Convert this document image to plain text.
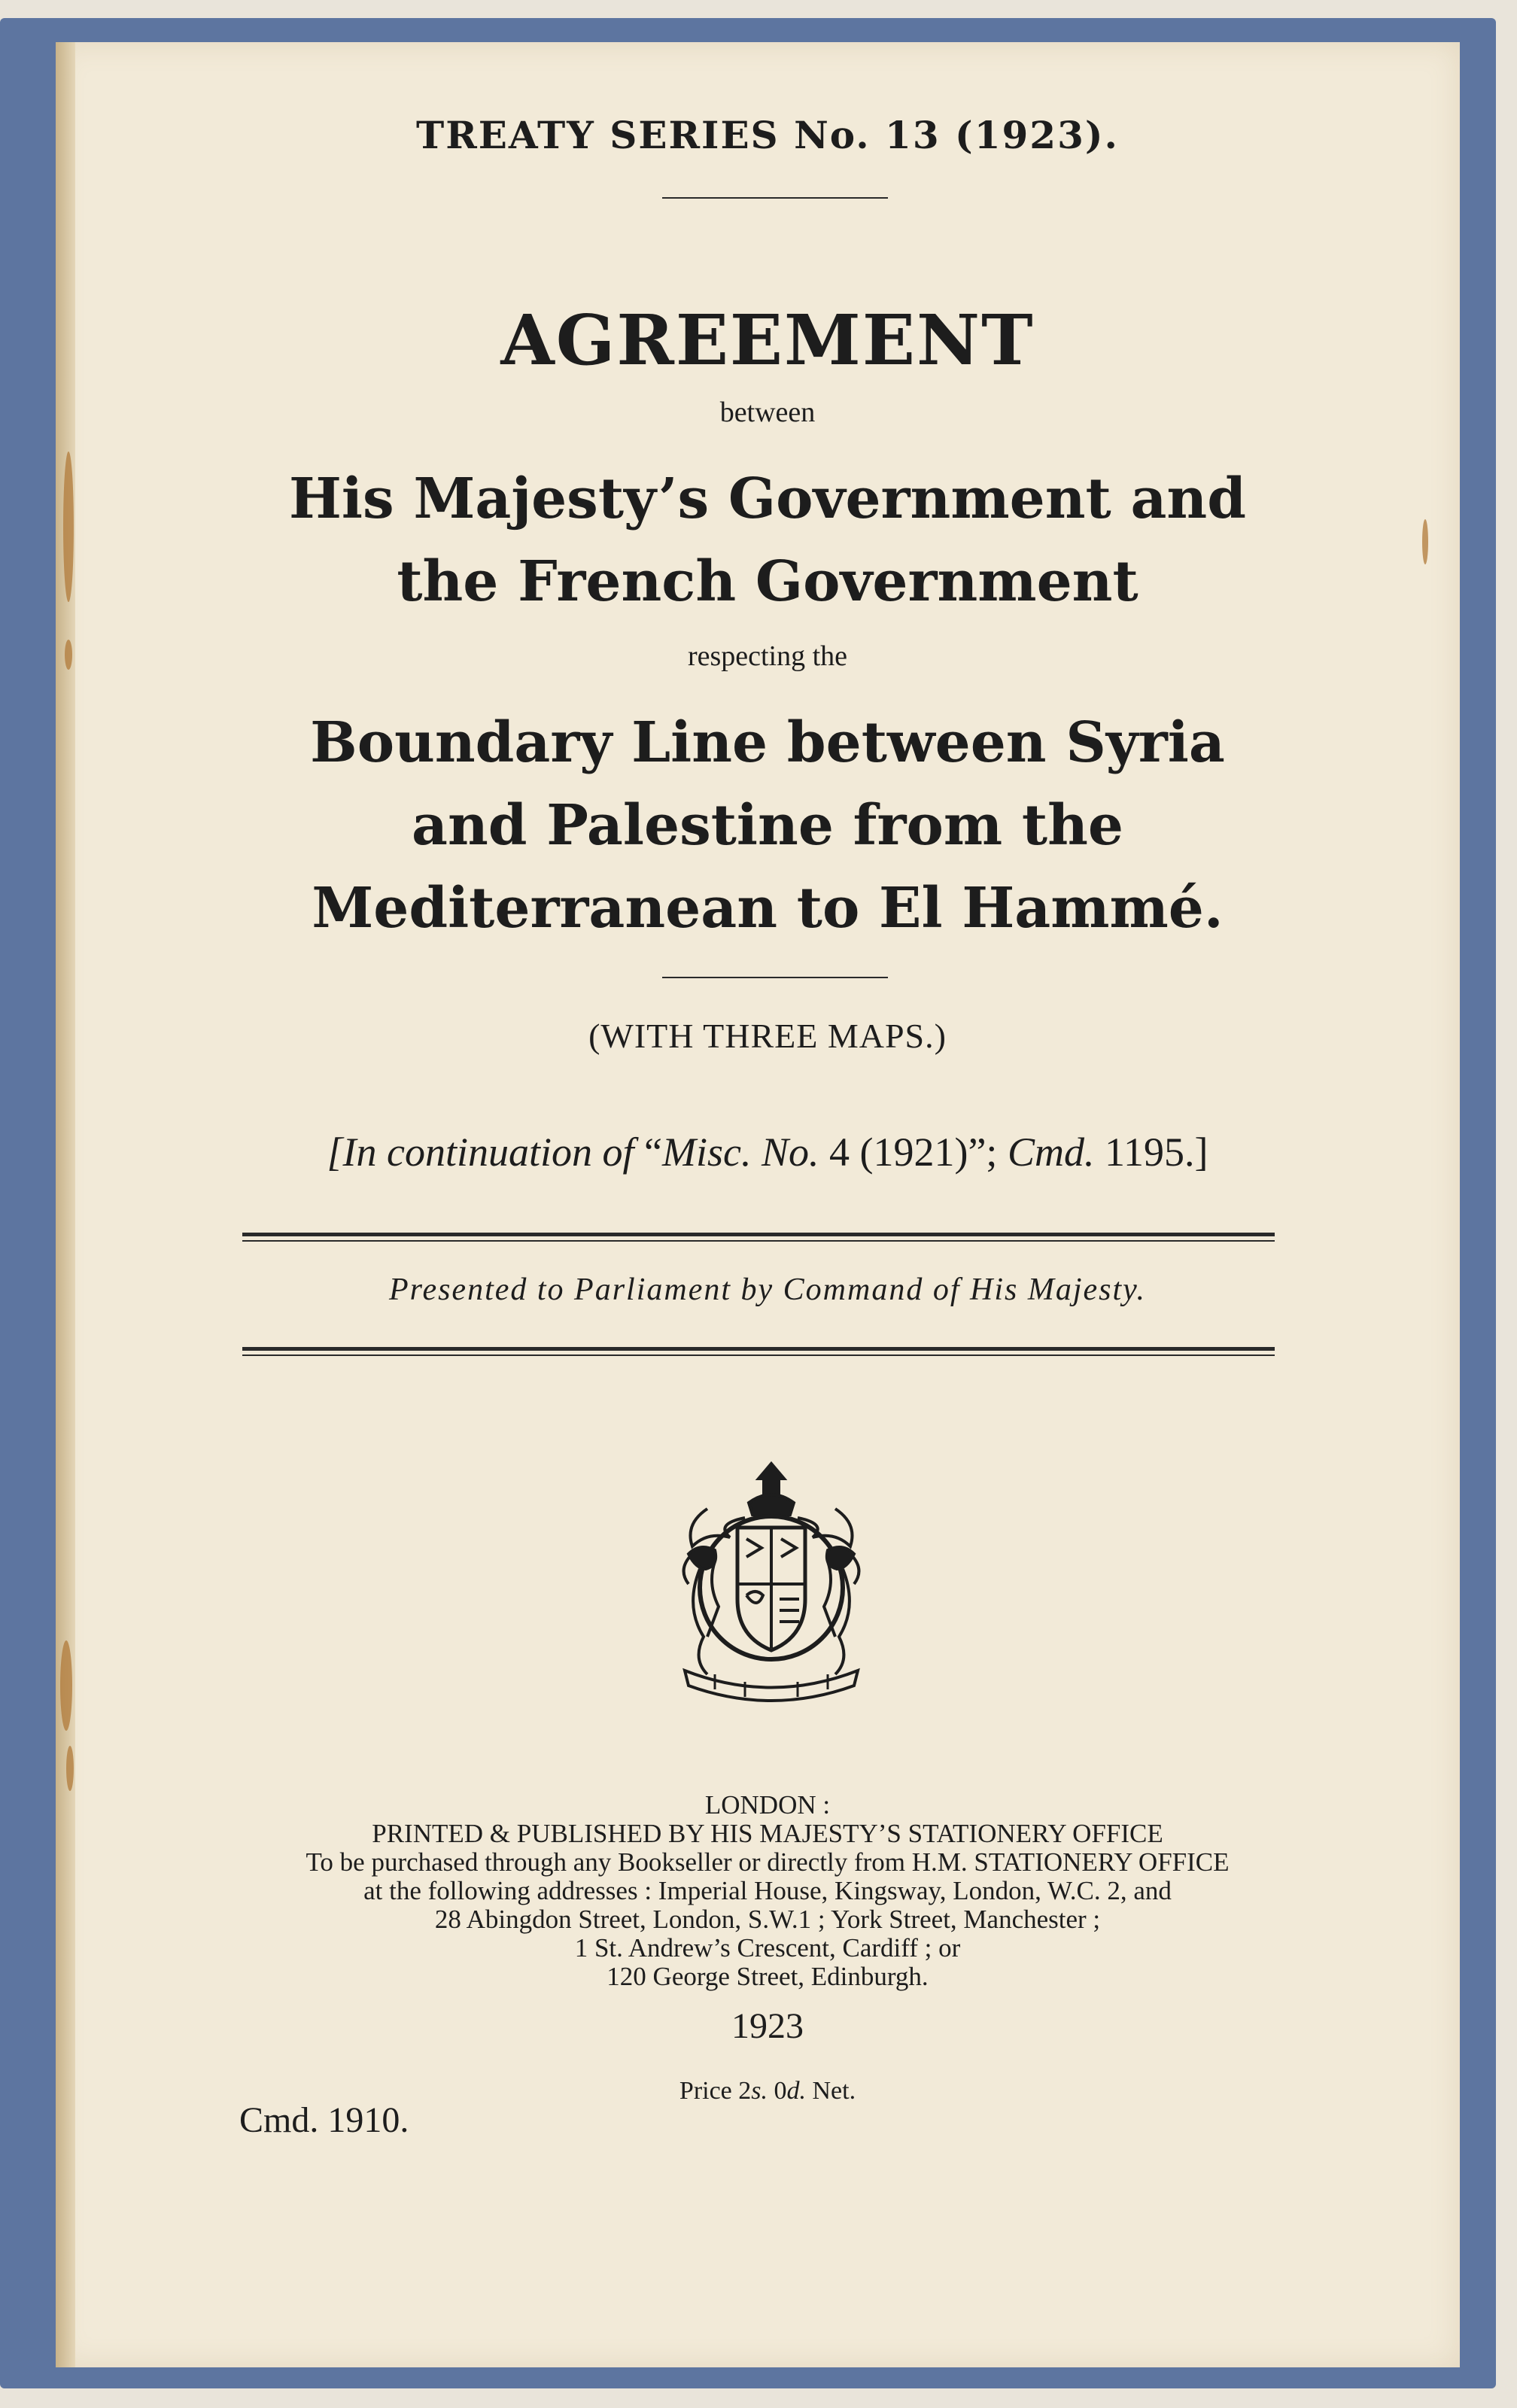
TREATY SERIES No. 13 (1923).
AGREEMENT
between
His Majesty’s Government and
the French Government
respecting the
Boundary Line between Syria
and Palestine from the
Mediterranean to El Hammé.
(WITH THREE MAPS.)
[In continuation of “Misc. No. 4 (1921)”; Cmd. 1195.]
Presented to Parliament by Command of His Majesty.
LONDON :
PRINTED & PUBLISHED BY HIS MAJESTY’S STATIONERY OFFICE
To be purchased through any Bookseller or directly from H.M. STATIONERY OFFICE
at the following addresses : Imperial House, Kingsway, London, W.C. 2, and
28 Abingdon Street, London, S.W.1 ; York Street, Manchester ;
1 St. Andrew’s Crescent, Cardiff ; or
120 George Street, Edinburgh.
1923
Price 2s. 0d. Net.
Cmd. 1910.
